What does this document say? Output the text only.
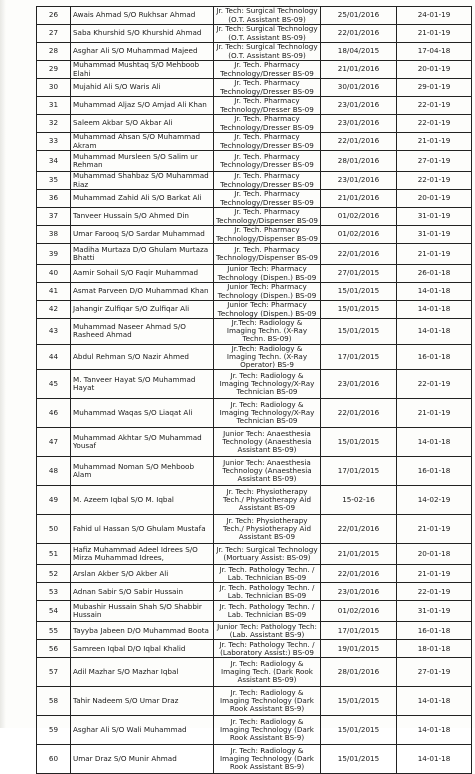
26	Awais Ahmad S/O Rukhsar Ahmad	Jr. Tech: Surgical Technology (O.T. Assistant BS-09)	25/01/2016	24-01-19
27	Saba Khurshid S/O Khurshid Ahmad	Jr. Tech: Surgical Technology (O.T. Assistant BS-09)	22/01/2016	21-01-19
28	Asghar Ali S/O Muhammad Majeed	Jr. Tech: Surgical Technology (O.T. Assistant BS-09)	18/04/2015	17-04-18
29	Muhammad Mushtaq S/O Mehboob Elahi	Jr. Tech. Pharmacy Technology/Dresser BS-09	21/01/2016	20-01-19
30	Mujahid Ali S/O Waris Ali	Jr. Tech. Pharmacy Technology/Dresser BS-09	30/01/2016	29-01-19
31	Muhammad Aljaz S/O Amjad Ali Khan	Jr. Tech. Pharmacy Technology/Dresser BS-09	23/01/2016	22-01-19
32	Saleem Akbar S/O Akbar Ali	Jr. Tech. Pharmacy Technology/Dresser BS-09	23/01/2016	22-01-19
33	Muhammad Ahsan S/O Muhammad Akram	Jr. Tech. Pharmacy Technology/Dresser BS-09	22/01/2016	21-01-19
34	Muhammad Mursleen S/O Salim ur Rehman	Jr. Tech. Pharmacy Technology/Dresser BS-09	28/01/2016	27-01-19
35	Muhammad Shahbaz S/O Muhammad Riaz	Jr. Tech. Pharmacy Technology/Dresser BS-09	23/01/2016	22-01-19
36	Muhammad Zahid Ali S/O Barkat Ali	Jr. Tech. Pharmacy Technology/Dresser BS-09	21/01/2016	20-01-19
37	Tanveer Hussain S/O Ahmed Din	Jr. Tech. Pharmacy Technology/Dispenser BS-09	01/02/2016	31-01-19
38	Umar Farooq S/O Sardar Muhammad	Jr. Tech. Pharmacy Technology/Dispenser BS-09	01/02/2016	31-01-19
39	Madiha Murtaza D/O Ghulam Murtaza Bhatti	Jr. Tech. Pharmacy Technology/Dispenser BS-09	22/01/2016	21-01-19
40	Aamir Sohail S/O Faqir Muhammad	Junior Tech: Pharmacy Technology (Dispen.) BS-09	27/01/2015	26-01-18
41	Asmat Parveen D/O Muhammad Khan	Junior Tech: Pharmacy Technology (Dispen.) BS-09	15/01/2015	14-01-18
42	Jahangir Zulfiqar S/O Zulfiqar Ali	Junior Tech: Pharmacy Technology (Dispen.) BS-09	15/01/2015	14-01-18
43	Muhammad Naseer Ahmad S/O Rasheed Ahmad	Jr.Tech: Radiology & Imaging Techn. (X-Ray Techn. BS-09)	15/01/2015	14-01-18
44	Abdul Rehman S/O Nazir Ahmed	Jr.Tech: Radiology & Imaging Techn. (X-Ray Operator) BS-9	17/01/2015	16-01-18
45	M. Tanveer Hayat S/O Muhammad Hayat	Jr. Tech: Radiology & Imaging Technology/X-Ray Technician BS-09	23/01/2016	22-01-19
46	Muhammad Waqas S/O Liaqat Ali	Jr. Tech: Radiology & Imaging Technology/X-Ray Technician BS-09	22/01/2016	21-01-19
47	Muhammad Akhtar S/O Muhammad Yousaf	Junior Tech: Anaesthesia Technology (Anaesthesia Assistant BS-09)	15/01/2015	14-01-18
48	Muhammad Noman S/O Mehboob Alam	Junior Tech: Anaesthesia Technology (Anaesthesia Assistant BS-09)	17/01/2015	16-01-18
49	M. Azeem Iqbal S/O M. Iqbal	Jr. Tech: Physiotherapy Tech./ Physiotherapy Aid Assistant BS-09	15-02-16	14-02-19
50	Fahid ul Hassan S/O Ghulam Mustafa	Jr. Tech: Physiotherapy Tech./ Physiotherapy Aid Assistant BS-09	22/01/2016	21-01-19
51	Hafiz Muhammad Adeel Idrees S/O Mirza Muhammad Idrees,	Jr. Tech: Surgical Technology (Mortuary Assist: BS-09)	21/01/2015	20-01-18
52	Arslan Akber S/O Akber Ali	Jr. Tech. Pathology Techn. / Lab. Technician BS-09	22/01/2016	21-01-19
53	Adnan Sabir S/O Sabir Hussain	Jr. Tech. Pathology Techn. / Lab. Technician BS-09	23/01/2016	22-01-19
54	Mubashir Hussain Shah S/O Shabbir Hussain	Jr. Tech. Pathology Techn. / Lab. Technician BS-09	01/02/2016	31-01-19
55	Tayyba Jabeen D/O Muhammad Boota	Junior Tech: Pathology Tech: (Lab. Assistant BS-9)	17/01/2015	16-01-18
56	Samreen Iqbal D/O Iqbal Khalid	Jr. Tech: Pathology Techn. / (Laboratory Assist:) BS-09	19/01/2015	18-01-18
57	Adil Mazhar S/O Mazhar Iqbal	Jr. Tech: Radiology & Imaging Tech. (Dark Rook Assistant BS-09)	28/01/2016	27-01-19
58	Tahir Nadeem S/O Umar Draz	Jr. Tech: Radiology & Imaging Technology (Dark Rook Assistant BS-9)	15/01/2015	14-01-18
59	Asghar Ali S/O Wali Muhammad	Jr. Tech: Radiology & Imaging Technology (Dark Rook Assistant BS-9)	15/01/2015	14-01-18
60	Umar Draz S/O Munir Ahmad	Jr. Tech: Radiology & Imaging Technology (Dark Rook Assistant BS-9)	15/01/2015	14-01-18
